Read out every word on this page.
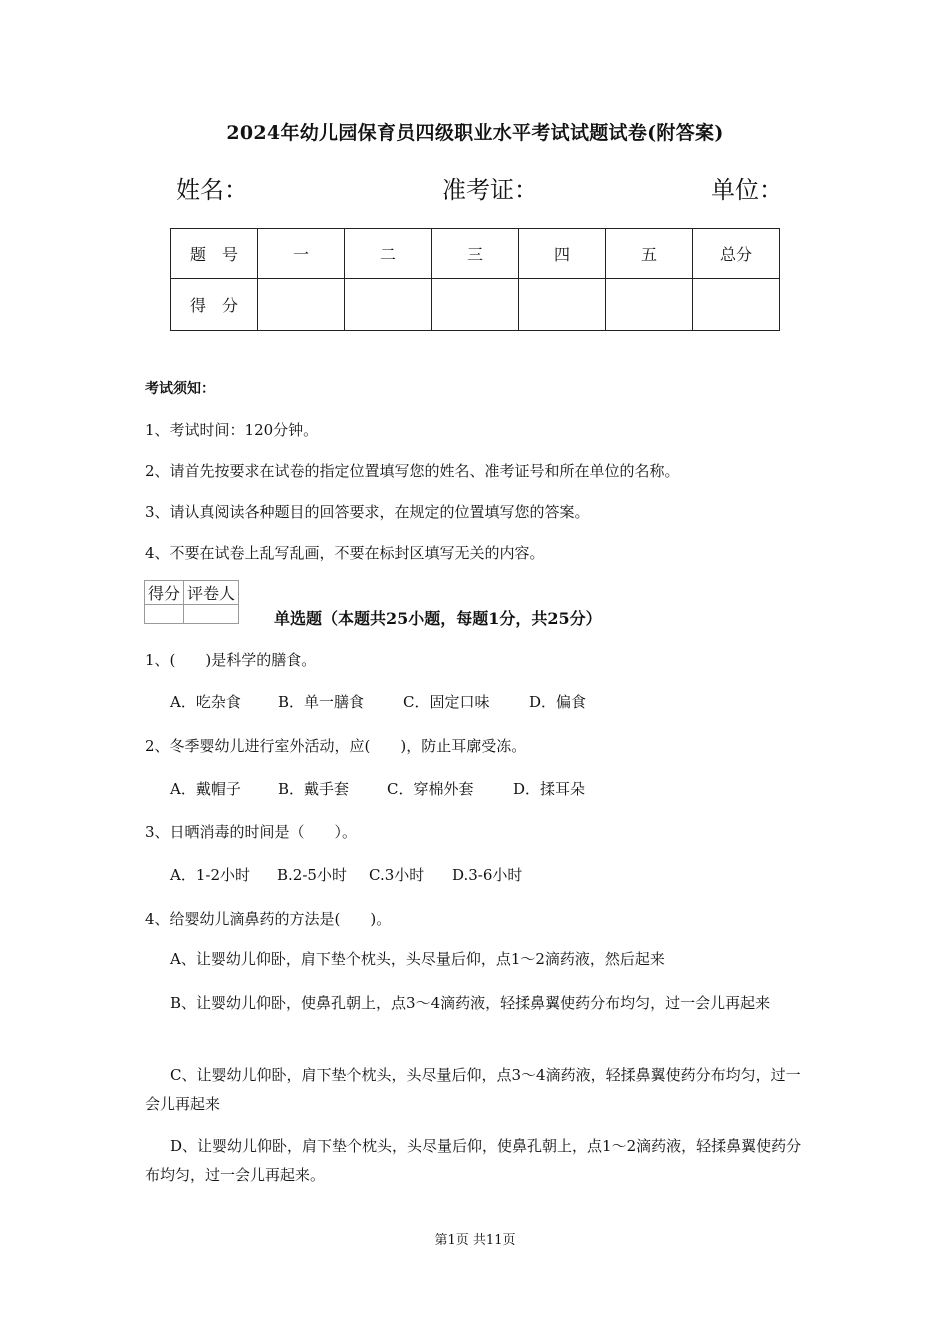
2024年幼儿园保育员四级职业水平考试试题试卷(附答案)
姓名：	准考证：	单位：
题　号	一	二	三	四	五	总分
得　分						
考试须知：
1、考试时间：120分钟。
2、请首先按要求在试卷的指定位置填写您的姓名、准考证号和所在单位的名称。
3、请认真阅读各种题目的回答要求，在规定的位置填写您的答案。
4、不要在试卷上乱写乱画，不要在标封区填写无关的内容。
得分	评卷人

单选题（本题共25小题，每题1分，共25分）
1、(　　)是科学的膳食。
A．吃杂食 B．单一膳食	C．固定口味	D．偏食
2、冬季婴幼儿进行室外活动，应(　　)，防止耳廓受冻。
A．戴帽子 B．戴手套	C．穿棉外套	D．揉耳朵
3、日晒消毒的时间是（　　）。
A．1-2小时 B.2-5小时 C.3小时 D.3-6小时
4、给婴幼儿滴鼻药的方法是(　　)。
A、让婴幼儿仰卧，肩下垫个枕头，头尽量后仰，点1～2滴药液，然后起来
B、让婴幼儿仰卧，使鼻孔朝上，点3～4滴药液，轻揉鼻翼使药分布均匀，过一会儿再起来
C、让婴幼儿仰卧，肩下垫个枕头，头尽量后仰，点3～4滴药液，轻揉鼻翼使药分布均匀，过一会儿再起来
D、让婴幼儿仰卧，肩下垫个枕头，头尽量后仰，使鼻孔朝上，点1～2滴药液，轻揉鼻翼使药分布均匀，过一会儿再起来。
第1页 共11页
